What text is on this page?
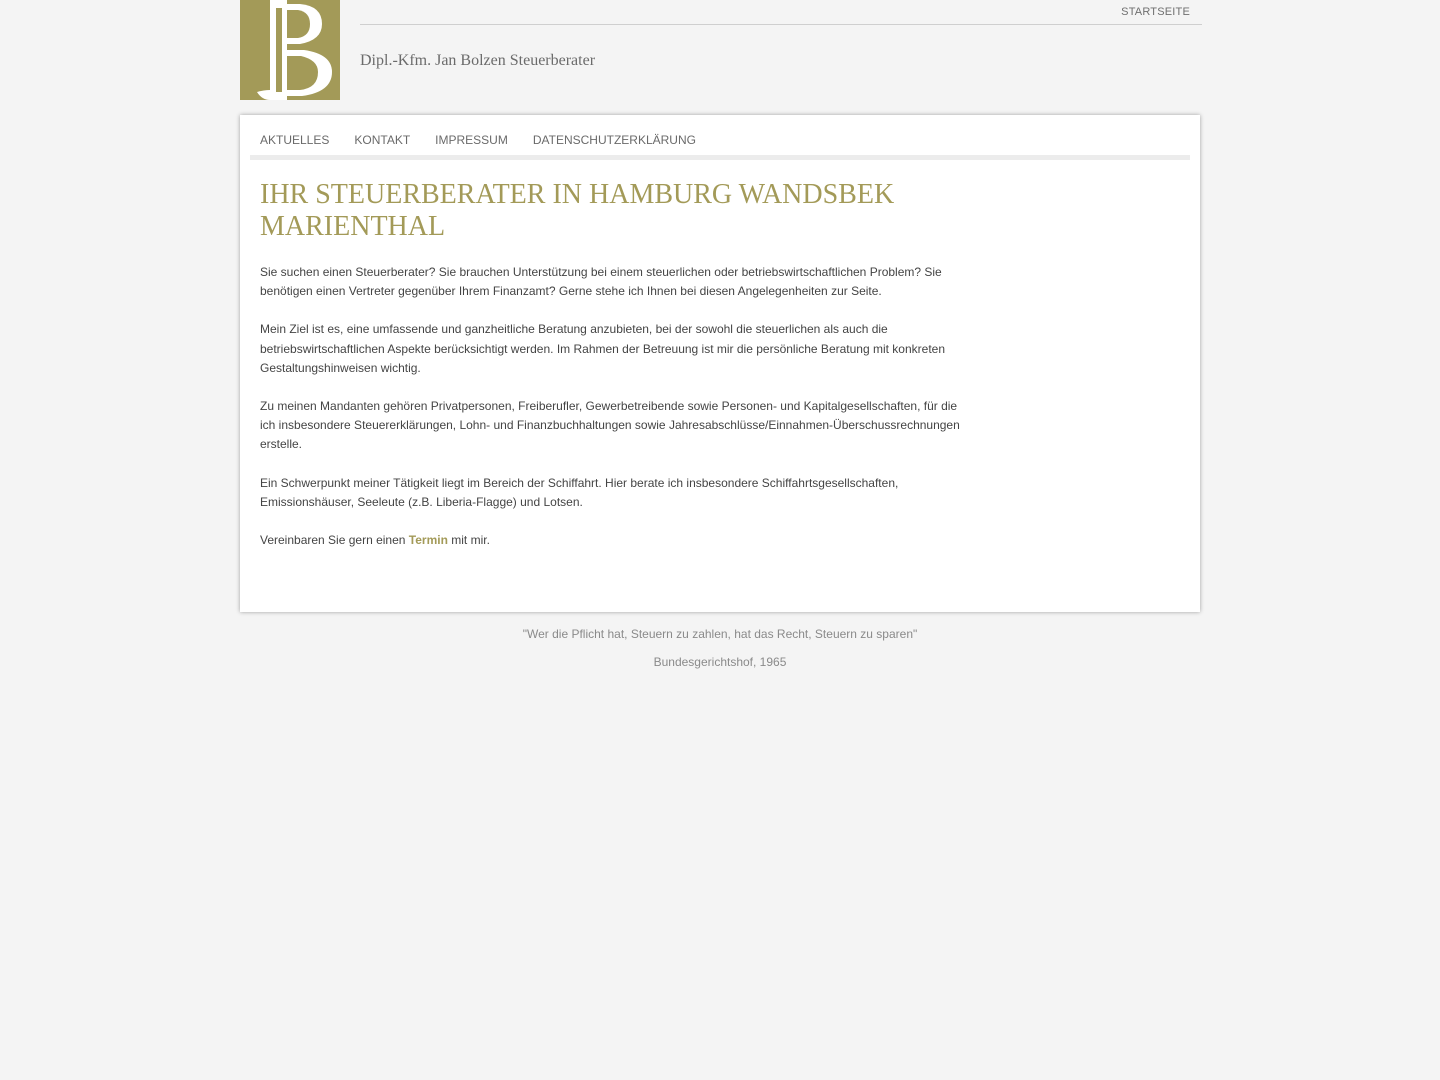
STARTSEITE
Dipl.-Kfm. Jan Bolzen Steuerberater
AKTUELLES KONTAKT IMPRESSUM DATENSCHUTZERKLÄRUNG
IHR STEUERBERATER IN HAMBURG WANDSBEK MARIENTHAL

Sie suchen einen Steuerberater? Sie brauchen Unterstützung bei einem steuerlichen oder betriebswirtschaftlichen Problem? Sie benötigen einen Vertreter gegenüber Ihrem Finanzamt? Gerne stehe ich Ihnen bei diesen Angelegenheiten zur Seite.

Mein Ziel ist es, eine umfassende und ganzheitliche Beratung anzubieten, bei der sowohl die steuerlichen als auch die betriebswirtschaftlichen Aspekte berücksichtigt werden. Im Rahmen der Betreuung ist mir die persönliche Beratung mit konkreten Gestaltungshinweisen wichtig.

Zu meinen Mandanten gehören Privatpersonen, Freiberufler, Gewerbetreibende sowie Personen- und Kapitalgesellschaften, für die ich insbesondere Steuererklärungen, Lohn- und Finanzbuchhaltungen sowie Jahresabschlüsse/Einnahmen-Überschussrechnungen erstelle.

Ein Schwerpunkt meiner Tätigkeit liegt im Bereich der Schiffahrt. Hier berate ich insbesondere Schiffahrtsgesellschaften, Emissionshäuser, Seeleute (z.B. Liberia-Flagge) und Lotsen.

Vereinbaren Sie gern einen Termin mit mir.

"Wer die Pflicht hat, Steuern zu zahlen, hat das Recht, Steuern zu sparen"
Bundesgerichtshof, 1965
